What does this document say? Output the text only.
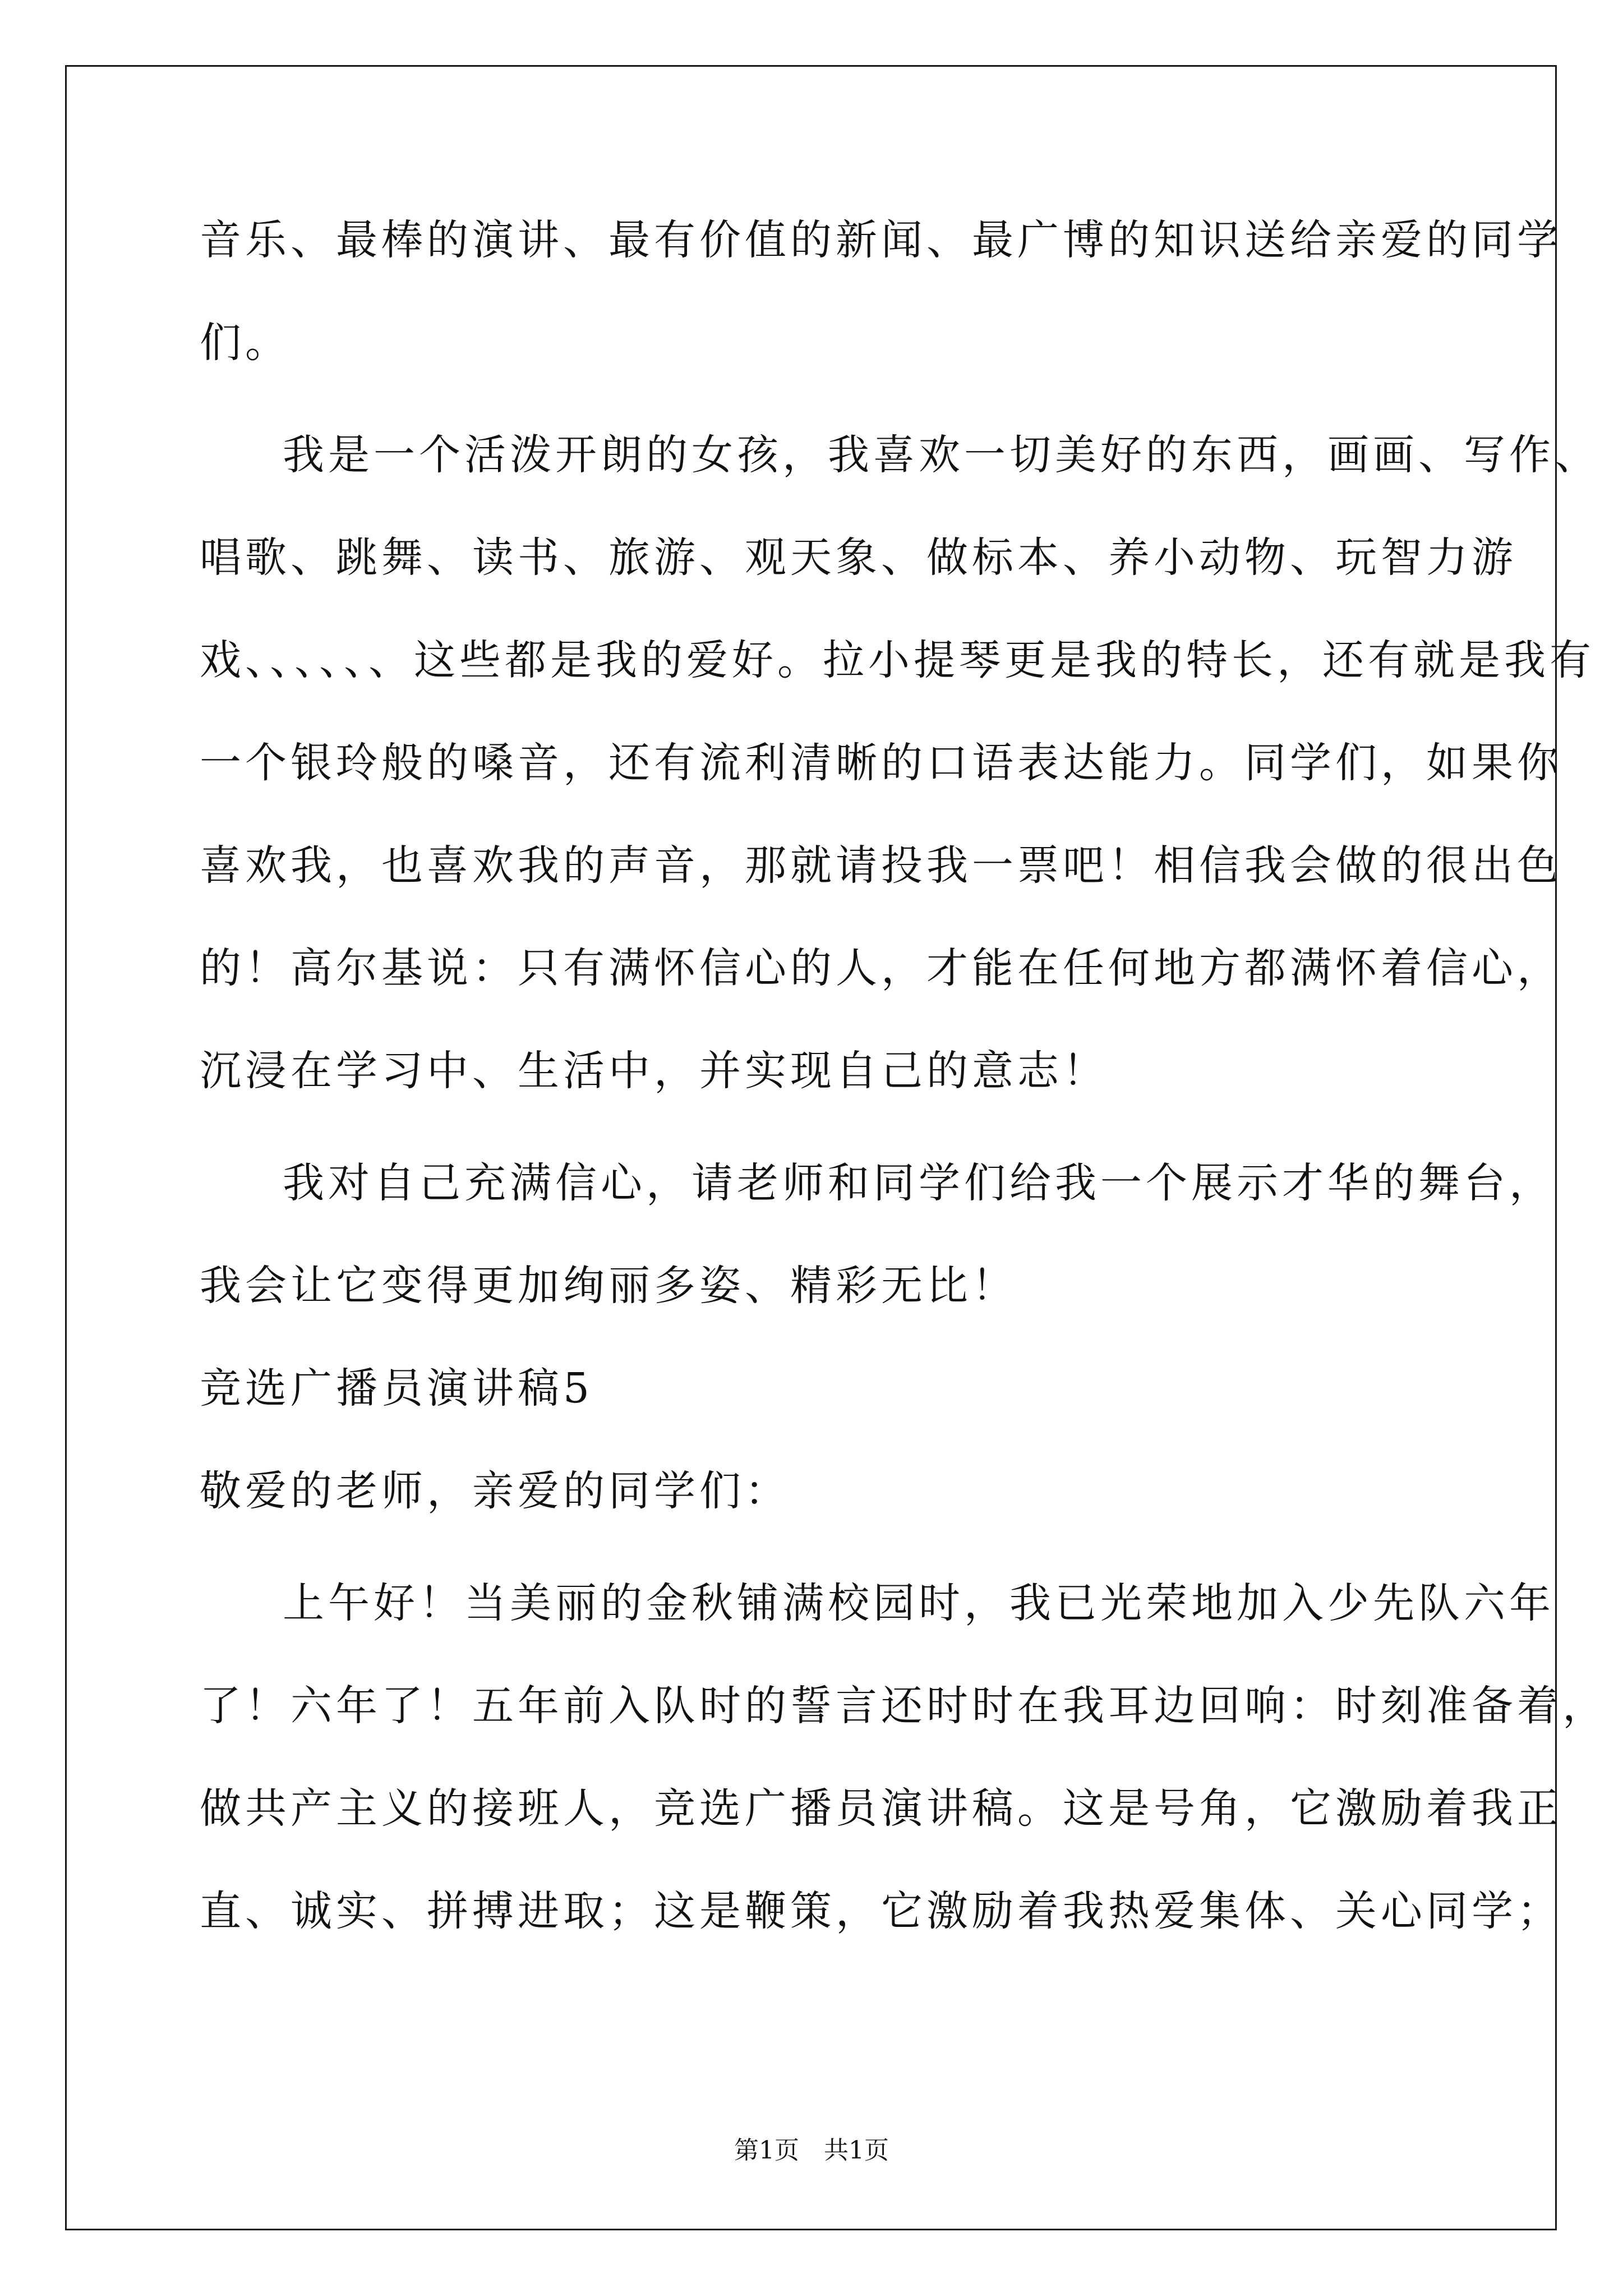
音乐、最棒的演讲、最有价值的新闻、最广博的知识送给亲爱的同学
们。
我是一个活泼开朗的女孩，我喜欢一切美好的东西，画画、写作、
唱歌、跳舞、读书、旅游、观天象、做标本、养小动物、玩智力游
戏、、、、、、这些都是我的爱好。拉小提琴更是我的特长，还有就是我有
一个银玲般的嗓音，还有流利清晰的口语表达能力。同学们，如果你
喜欢我，也喜欢我的声音，那就请投我一票吧！相信我会做的很出色
的！高尔基说：只有满怀信心的人，才能在任何地方都满怀着信心，
沉浸在学习中、生活中，并实现自己的意志！
我对自己充满信心，请老师和同学们给我一个展示才华的舞台，
我会让它变得更加绚丽多姿、精彩无比！
竞选广播员演讲稿5
敬爱的老师，亲爱的同学们：
上午好！当美丽的金秋铺满校园时，我已光荣地加入少先队六年
了！六年了！五年前入队时的誓言还时时在我耳边回响：时刻准备着，
做共产主义的接班人，竞选广播员演讲稿。这是号角，它激励着我正
直、诚实、拼搏进取；这是鞭策，它激励着我热爱集体、关心同学；
第1页　共1页
